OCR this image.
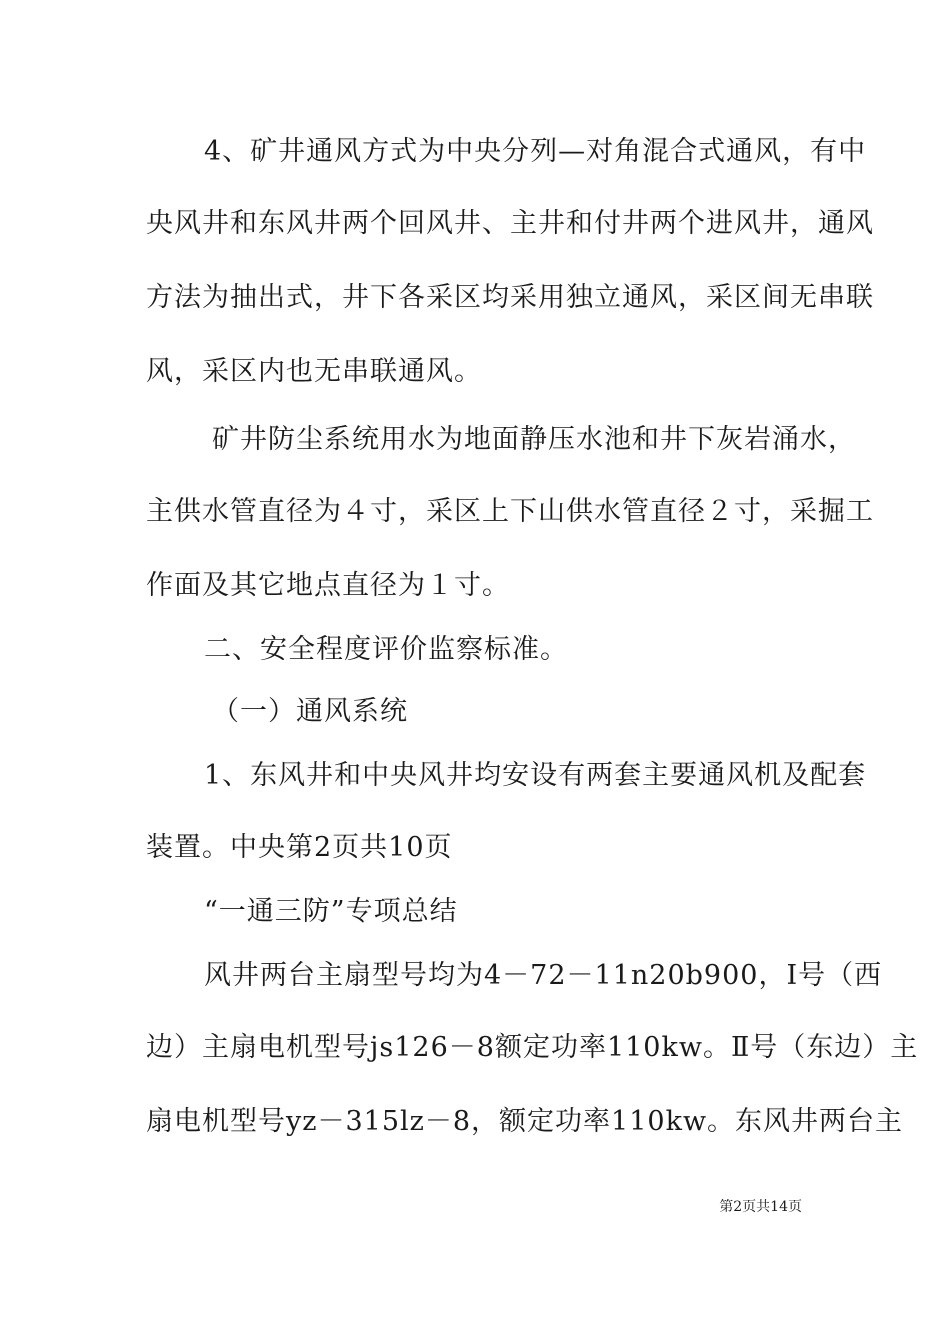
4、矿井通风方式为中央分列—对角混合式通风，有中
央风井和东风井两个回风井、主井和付井两个进风井，通风
方法为抽出式，井下各采区均采用独立通风，采区间无串联
风，采区内也无串联通风。
矿井防尘系统用水为地面静压水池和井下灰岩涌水，
主供水管直径为４寸，采区上下山供水管直径２寸，采掘工
作面及其它地点直径为１寸。
二、安全程度评价监察标准。
（一）通风系统
1、东风井和中央风井均安设有两套主要通风机及配套
装置。中央第2页共10页
“一通三防”专项总结
风井两台主扇型号均为4－72－11n20b900，Ⅰ号（西
边）主扇电机型号js126－8额定功率110kw。Ⅱ号（东边）主
扇电机型号yz－315lz－8，额定功率110kw。东风井两台主
第2页共14页
